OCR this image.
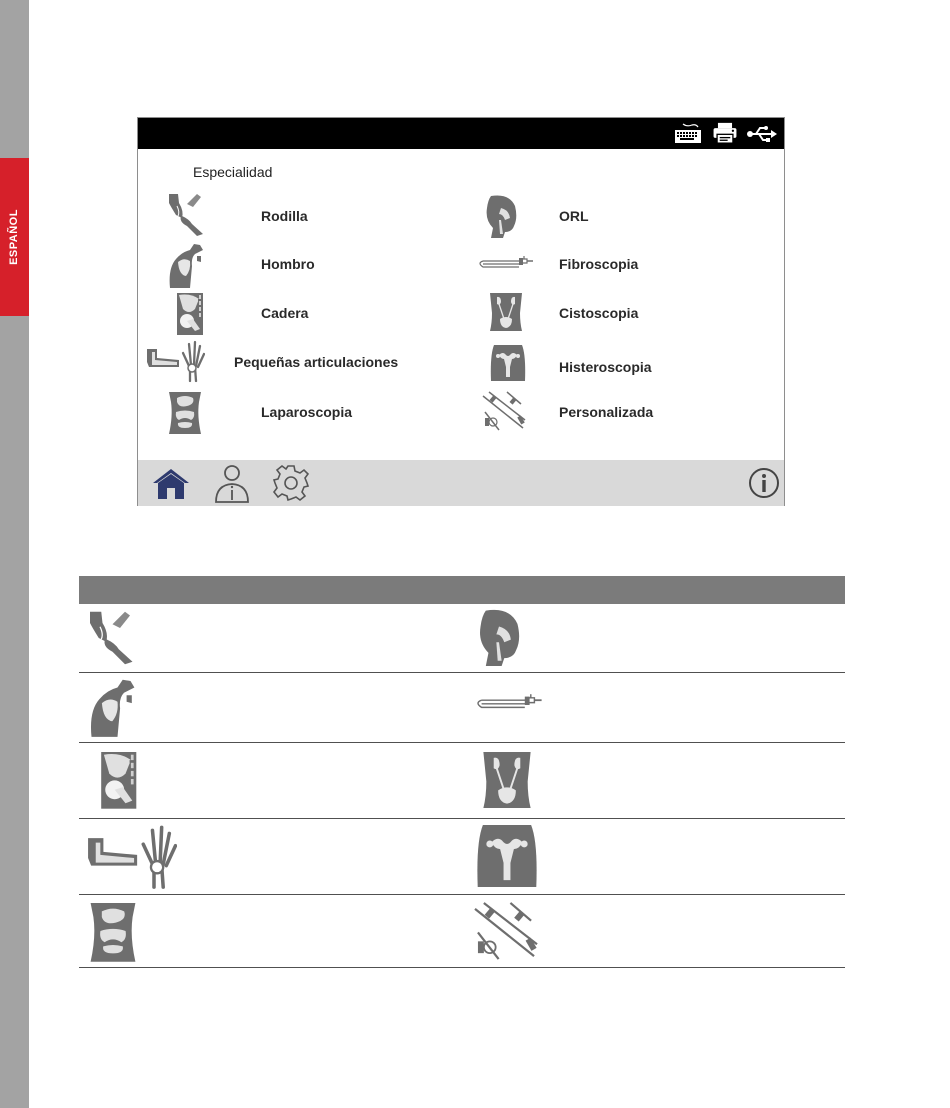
ESPAÑOL
Especialidad
Rodilla
Hombro
Cadera
Pequeñas articulaciones
Laparoscopia
ORL
Fibroscopia
Cistoscopia
Histeroscopia
Personalizada
